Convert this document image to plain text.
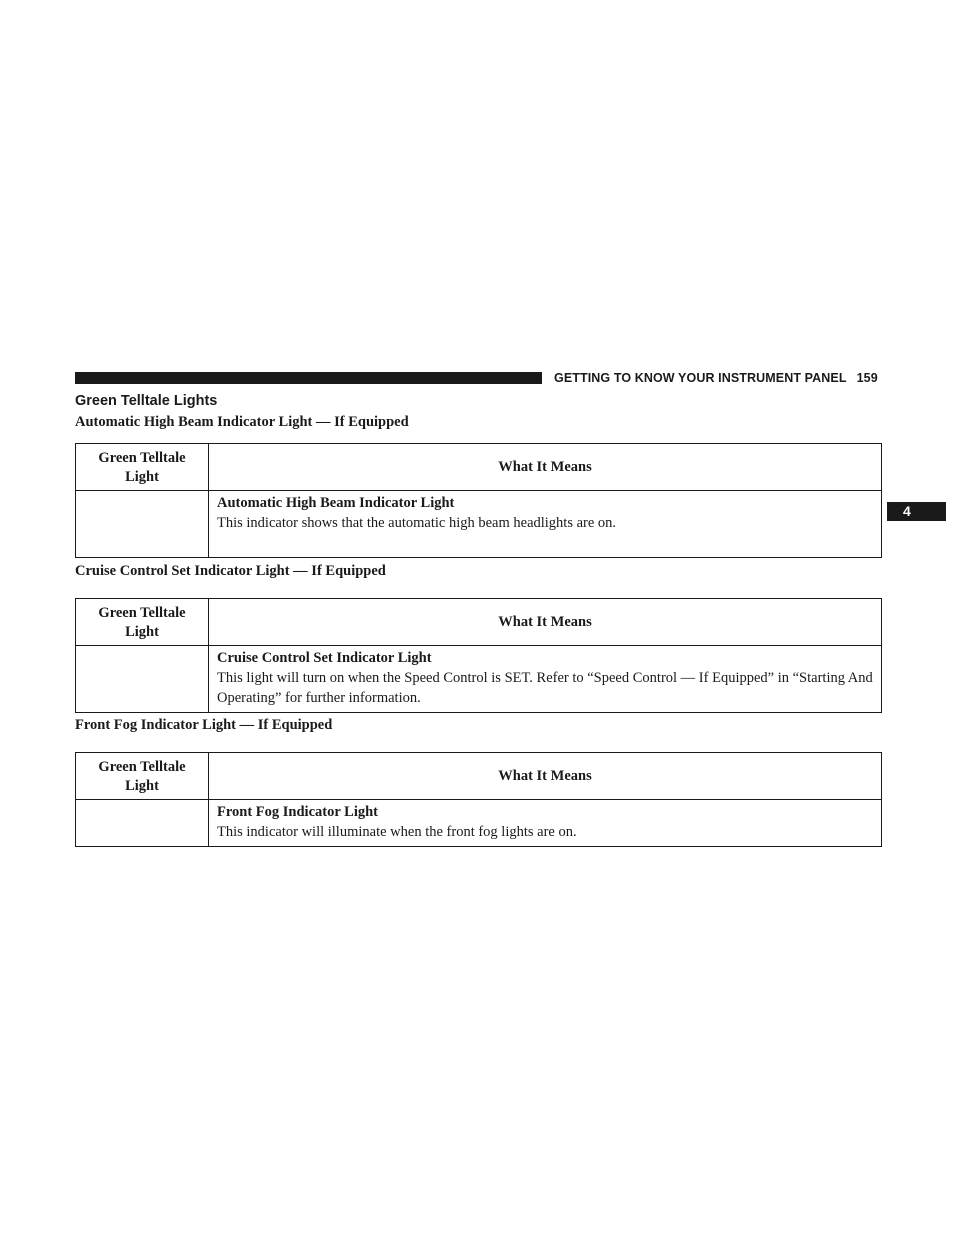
GETTING TO KNOW YOUR INSTRUMENT PANEL 159
4
Green Telltale Lights
Automatic High Beam Indicator Light — If Equipped
Green Telltale Light	What It Means

	Automatic High Beam Indicator Light
This indicator shows that the automatic high beam headlights are on.
Cruise Control Set Indicator Light — If Equipped
Green Telltale Light	What It Means

	Cruise Control Set Indicator Light
This light will turn on when the Speed Control is SET. Refer to “Speed Control — If Equipped” in “Starting And Operating” for further information.
Front Fog Indicator Light — If Equipped
Green Telltale Light	What It Means

	Front Fog Indicator Light
This indicator will illuminate when the front fog lights are on.
